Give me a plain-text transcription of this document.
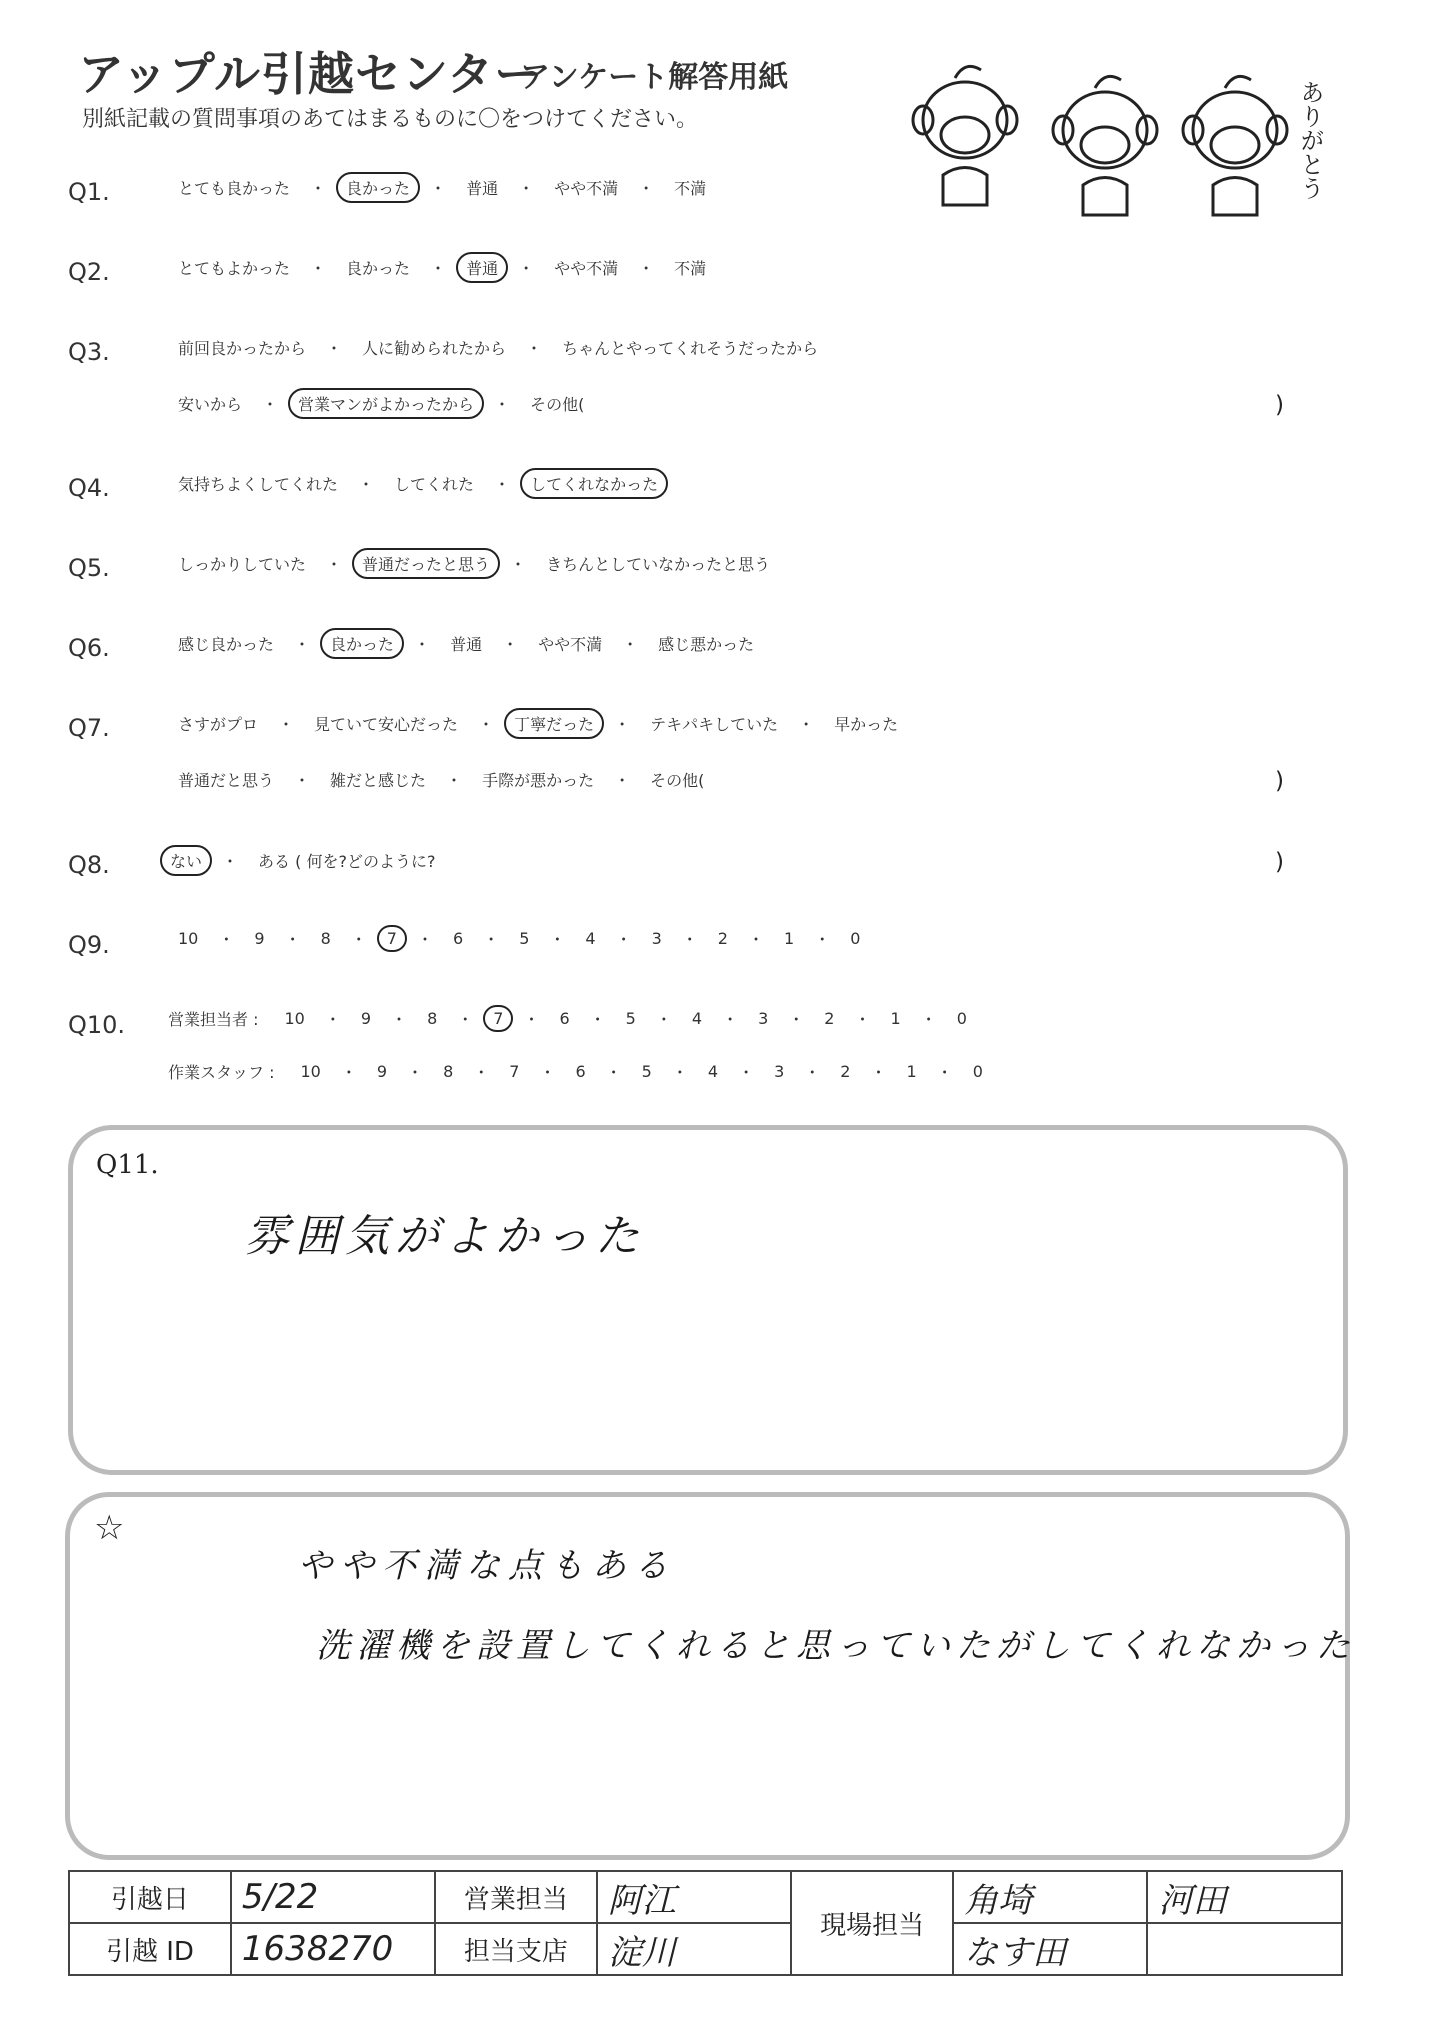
アップル引越センター
アンケート解答用紙
別紙記載の質問事項のあてはまるものに〇をつけてください。	ありがとう
Q1.	とても良かった	・	良かった	・	普通	・	やや不満	・	不満
Q2.	とてもよかった	・	良かった	・	普通	・	やや不満	・	不満
Q3.	前回良かったから	・	人に勧められたから	・	ちゃんとやってくれそうだったから
安いから	・	営業マンがよかったから	・	その他(	)
Q4.	気持ちよくしてくれた	・	してくれた	・	してくれなかった
Q5.	しっかりしていた	・	普通だったと思う	・	きちんとしていなかったと思う
Q6.	感じ良かった	・	良かった	・	普通	・	やや不満	・	感じ悪かった
Q7.	さすがプロ	・	見ていて安心だった	・	丁寧だった	・	テキパキしていた	・	早かった
普通だと思う	・	雑だと感じた	・	手際が悪かった	・	その他(	)
Q8.	ない	・	ある ( 何を?どのように?	)
Q9.	10	・	9	・	8	・	7	・	6	・	5	・	4	・	3	・	2	・	1	・	0
Q10.	営業担当者 :	10	・	9	・	8	・	7	・	6	・	5	・	4	・	3	・	2	・	1	・	0
作業スタッフ :	10	・	9	・	8	・	7	・	6	・	5	・	4	・	3	・	2	・	1	・	0
Q11.
雰囲気がよかった
☆
やや不満な点もある
洗濯機を設置してくれると思っていたがしてくれなかった
引越日	5/22	営業担当	阿江	現場担当	角埼	河田
引越 ID	1638270	担当支店	淀川		なす田	
